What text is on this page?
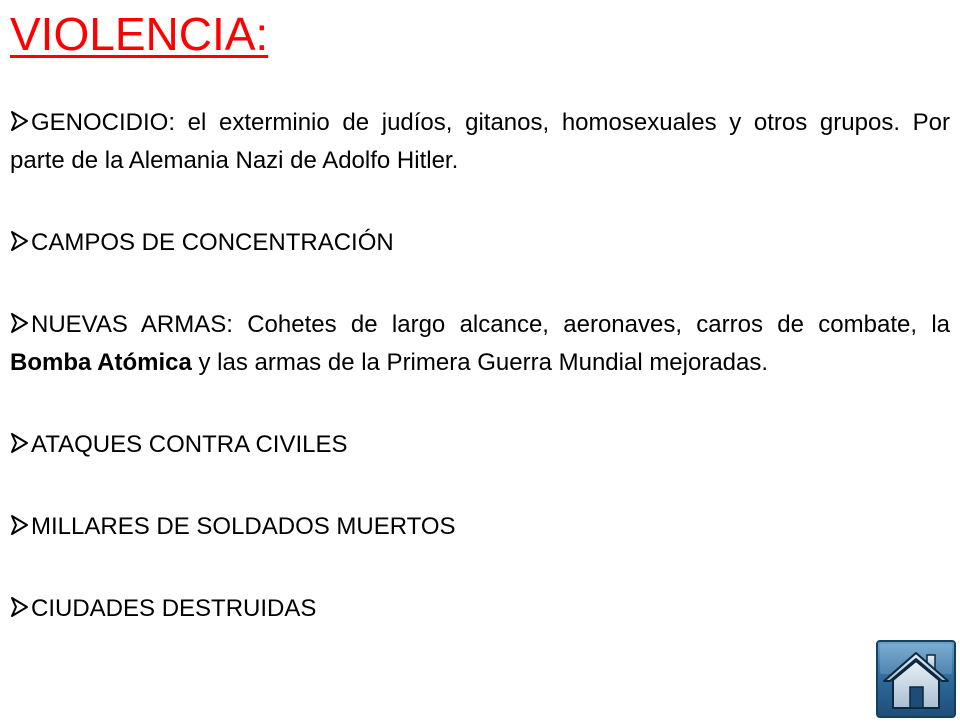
VIOLENCIA:

GENOCIDIO: el exterminio de judíos, gitanos, homosexuales y otros grupos. Por parte de la Alemania Nazi de Adolfo Hitler.

CAMPOS DE CONCENTRACIÓN

NUEVAS ARMAS: Cohetes de largo alcance, aeronaves, carros de combate, la Bomba Atómica y las armas de la Primera Guerra Mundial mejoradas.

ATAQUES CONTRA CIVILES

MILLARES DE SOLDADOS MUERTOS

CIUDADES DESTRUIDAS
